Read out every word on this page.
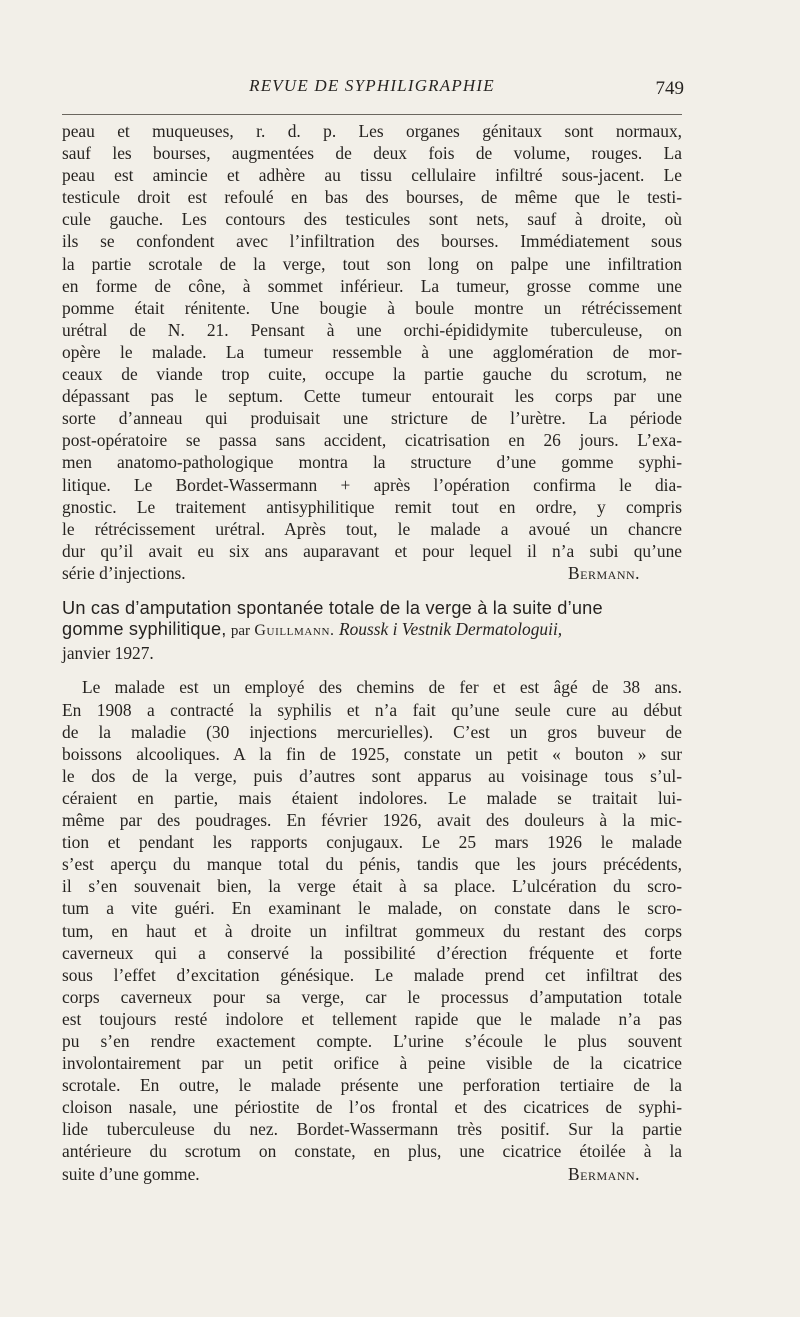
REVUE DE SYPHILIGRAPHIE	749
peau et muqueuses, r. d. p. Les organes génitaux sont normaux,
sauf les bourses, augmentées de deux fois de volume, rouges. La
peau est amincie et adhère au tissu cellulaire infiltré sous-jacent. Le
testicule droit est refoulé en bas des bourses, de même que le testi-
cule gauche. Les contours des testicules sont nets, sauf à droite, où
ils se confondent avec l’infiltration des bourses. Immédiatement sous
la partie scrotale de la verge, tout son long on palpe une infiltration
en forme de cône, à sommet inférieur. La tumeur, grosse comme une
pomme était rénitente. Une bougie à boule montre un rétrécissement
urétral de N. 21. Pensant à une orchi-épididymite tuberculeuse, on
opère le malade. La tumeur ressemble à une agglomération de mor-
ceaux de viande trop cuite, occupe la partie gauche du scrotum, ne
dépassant pas le septum. Cette tumeur entourait les corps par une
sorte d’anneau qui produisait une stricture de l’urètre. La période
post-opératoire se passa sans accident, cicatrisation en 26 jours. L’exa-
men anatomo-pathologique montra la structure d’une gomme syphi-
litique. Le Bordet-Wassermann + après l’opération confirma le dia-
gnostic. Le traitement antisyphilitique remit tout en ordre, y compris
le rétrécissement urétral. Après tout, le malade a avoué un chancre
dur qu’il avait eu six ans auparavant et pour lequel il n’a subi qu’une
série d’injections.	Bermann.
Un cas d’amputation spontanée totale de la verge à la suite d’une
gomme syphilitique, par Guillmann. Roussk i Vestnik Dermatologuii,
janvier 1927.
Le malade est un employé des chemins de fer et est âgé de 38 ans.
En 1908 a contracté la syphilis et n’a fait qu’une seule cure au début
de la maladie (30 injections mercurielles). C’est un gros buveur de
boissons alcooliques. A la fin de 1925, constate un petit « bouton » sur
le dos de la verge, puis d’autres sont apparus au voisinage tous s’ul-
céraient en partie, mais étaient indolores. Le malade se traitait lui-
même par des poudrages. En février 1926, avait des douleurs à la mic-
tion et pendant les rapports conjugaux. Le 25 mars 1926 le malade
s’est aperçu du manque total du pénis, tandis que les jours précédents,
il s’en souvenait bien, la verge était à sa place. L’ulcération du scro-
tum a vite guéri. En examinant le malade, on constate dans le scro-
tum, en haut et à droite un infiltrat gommeux du restant des corps
caverneux qui a conservé la possibilité d’érection fréquente et forte
sous l’effet d’excitation génésique. Le malade prend cet infiltrat des
corps caverneux pour sa verge, car le processus d’amputation totale
est toujours resté indolore et tellement rapide que le malade n’a pas
pu s’en rendre exactement compte. L’urine s’écoule le plus souvent
involontairement par un petit orifice à peine visible de la cicatrice
scrotale. En outre, le malade présente une perforation tertiaire de la
cloison nasale, une périostite de l’os frontal et des cicatrices de syphi-
lide tuberculeuse du nez. Bordet-Wassermann très positif. Sur la partie
antérieure du scrotum on constate, en plus, une cicatrice étoilée à la
suite d’une gomme.	Bermann.
